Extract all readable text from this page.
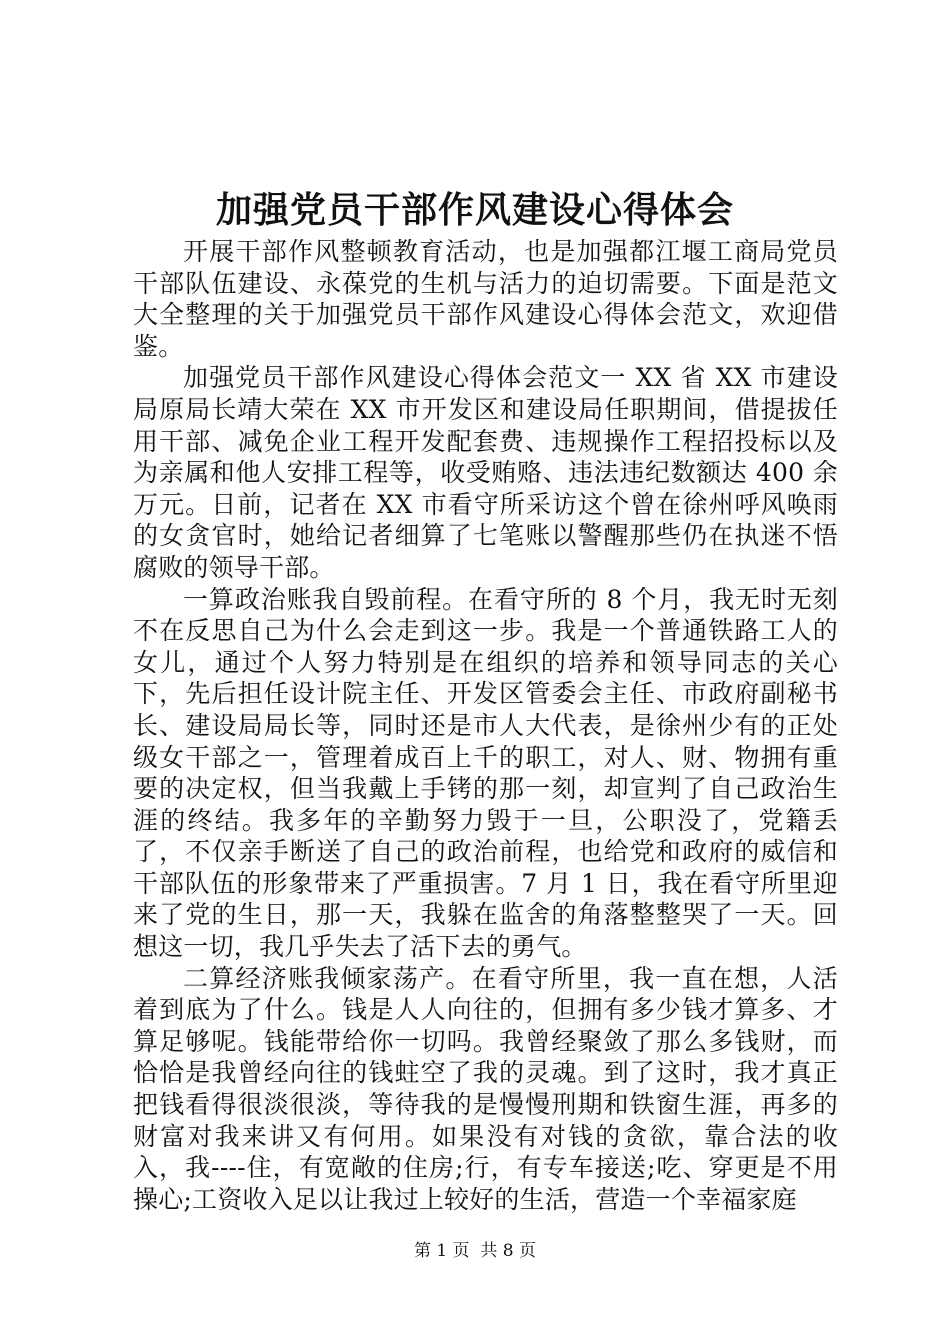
加强党员干部作风建设心得体会

开展干部作风整顿教育活动，也是加强都江堰工商局党员干部队伍建设、永葆党的生机与活力的迫切需要。下面是范文大全整理的关于加强党员干部作风建设心得体会范文，欢迎借鉴。

加强党员干部作风建设心得体会范文一 XX 省 XX 市建设局原局长靖大荣在 XX 市开发区和建设局任职期间，借提拔任用干部、减免企业工程开发配套费、违规操作工程招投标以及为亲属和他人安排工程等，收受贿赂、违法违纪数额达 400 余万元。日前，记者在 XX 市看守所采访这个曾在徐州呼风唤雨的女贪官时，她给记者细算了七笔账以警醒那些仍在执迷不悟腐败的领导干部。

一算政治账我自毁前程。在看守所的 8 个月，我无时无刻不在反思自己为什么会走到这一步。我是一个普通铁路工人的女儿，通过个人努力特别是在组织的培养和领导同志的关心下，先后担任设计院主任、开发区管委会主任、市政府副秘书长、建设局局长等，同时还是市人大代表，是徐州少有的正处级女干部之一，管理着成百上千的职工，对人、财、物拥有重要的决定权，但当我戴上手铐的那一刻，却宣判了自己政治生涯的终结。我多年的辛勤努力毁于一旦，公职没了，党籍丢了，不仅亲手断送了自己的政治前程，也给党和政府的威信和干部队伍的形象带来了严重损害。7 月 1 日，我在看守所里迎来了党的生日，那一天，我躲在监舍的角落整整哭了一天。回想这一切，我几乎失去了活下去的勇气。

二算经济账我倾家荡产。在看守所里，我一直在想，人活着到底为了什么。钱是人人向往的，但拥有多少钱才算多、才算足够呢。钱能带给你一切吗。我曾经聚敛了那么多钱财，而恰恰是我曾经向往的钱蛀空了我的灵魂。到了这时，我才真正把钱看得很淡很淡，等待我的是慢慢刑期和铁窗生涯，再多的财富对我来讲又有何用。如果没有对钱的贪欲，靠合法的收入，我----住，有宽敞的住房;行，有专车接送;吃、穿更是不用操心;工资收入足以让我过上较好的生活，营造一个幸福家庭

第 1 页  共 8 页
